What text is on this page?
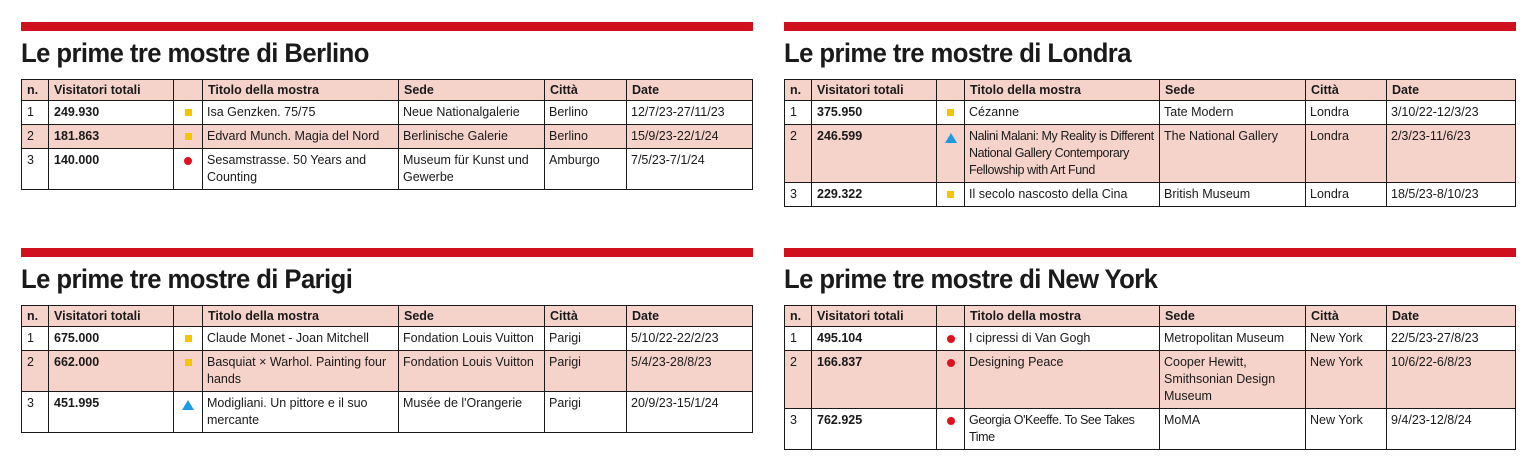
Le prime tre mostre di Berlino
n.	Visitatori totali		Titolo della mostra	Sede	Città	Date
1	249.930		Isa Genzken. 75/75	Neue Nationalgalerie	Berlino	12/7/23-27/11/23
2	181.863		Edvard Munch. Magia del Nord	Berlinische Galerie	Berlino	15/9/23-22/1/24
3	140.000		Sesamstrasse. 50 Years and Counting	Museum für Kunst und Gewerbe	Amburgo	7/5/23-7/1/24
Le prime tre mostre di Londra
n.	Visitatori totali		Titolo della mostra	Sede	Città	Date
1	375.950		Cézanne	Tate Modern	Londra	3/10/22-12/3/23
2	246.599		Nalini Malani: My Reality is Different National Gallery Contemporary Fellowship with Art Fund	The National Gallery	Londra	2/3/23-11/6/23
3	229.322		Il secolo nascosto della Cina	British Museum	Londra	18/5/23-8/10/23
Le prime tre mostre di Parigi
n.	Visitatori totali		Titolo della mostra	Sede	Città	Date
1	675.000		Claude Monet - Joan Mitchell	Fondation Louis Vuitton	Parigi	5/10/22-22/2/23
2	662.000		Basquiat × Warhol. Painting four hands	Fondation Louis Vuitton	Parigi	5/4/23-28/8/23
3	451.995		Modigliani. Un pittore e il suo mercante	Musée de l'Orangerie	Parigi	20/9/23-15/1/24
Le prime tre mostre di New York
n.	Visitatori totali		Titolo della mostra	Sede	Città	Date
1	495.104		I cipressi di Van Gogh	Metropolitan Museum	New York	22/5/23-27/8/23
2	166.837		Designing Peace	Cooper Hewitt, Smithsonian Design Museum	New York	10/6/22-6/8/23
3	762.925		Georgia O'Keeffe. To See Takes Time	MoMA	New York	9/4/23-12/8/24
